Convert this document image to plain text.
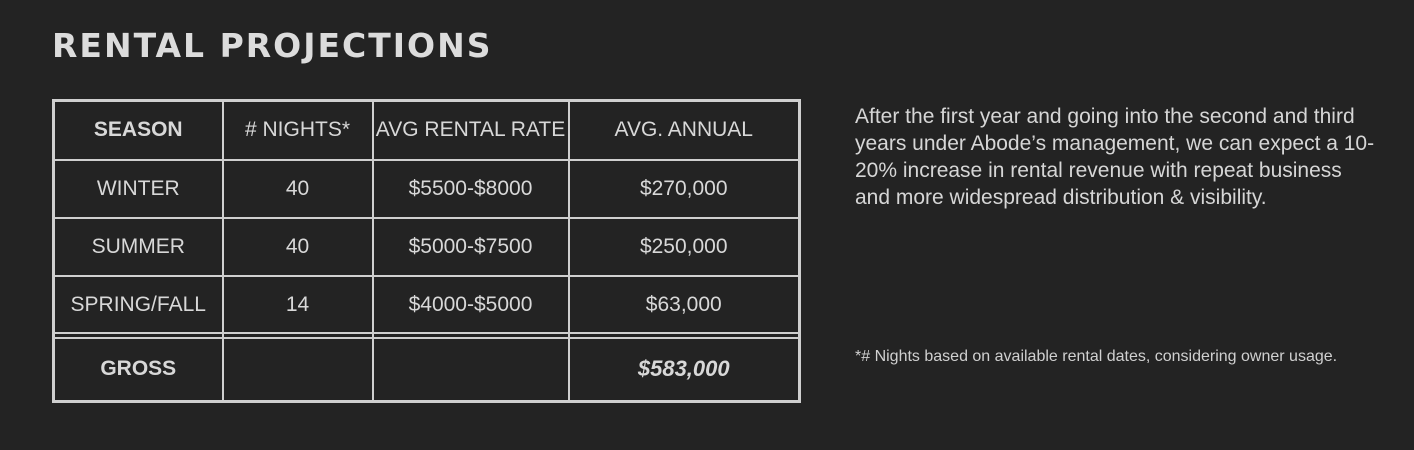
RENTAL PROJECTIONS
SEASON	# NIGHTS*	AVG RENTAL RATE	AVG. ANNUAL
WINTER	40	$5500-$8000	$270,000
SUMMER	40	$5000-$7500	$250,000
SPRING/FALL	14	$4000-$5000	$63,000

GROSS			$583,000
After the first year and going into the second and third years under Abode’s management, we can expect a 10-20% increase in rental revenue with repeat business and more widespread distribution & visibility.
*# Nights based on available rental dates, considering owner usage.
